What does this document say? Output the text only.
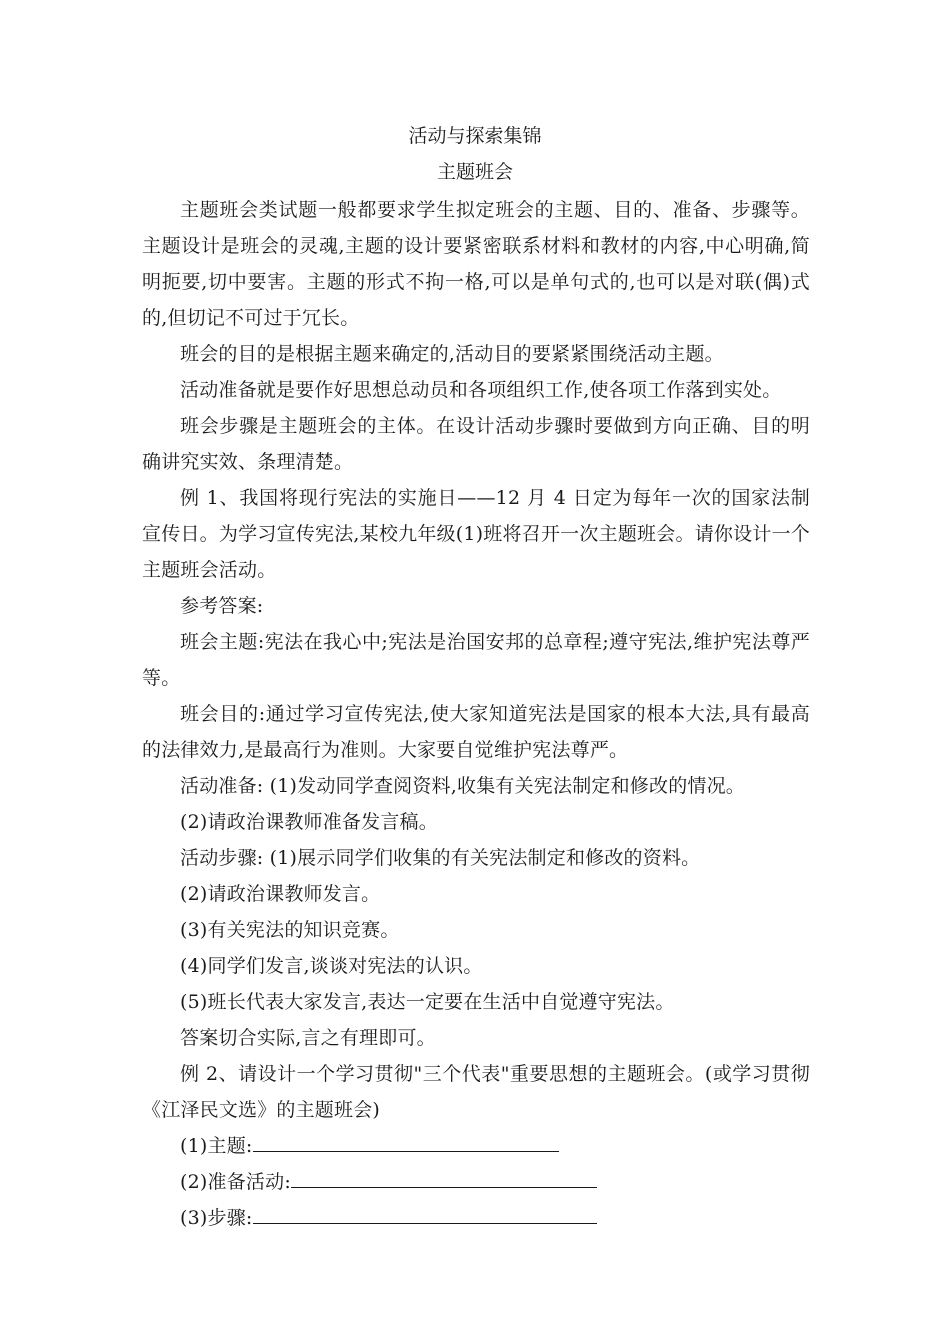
活动与探索集锦
主题班会

主题班会类试题一般都要求学生拟定班会的主题、目的、准备、步骤等。主题设计是班会的灵魂,主题的设计要紧密联系材料和教材的内容,中心明确,简明扼要,切中要害。主题的形式不拘一格,可以是单句式的,也可以是对联(偶)式的,但切记不可过于冗长。

班会的目的是根据主题来确定的,活动目的要紧紧围绕活动主题。

活动准备就是要作好思想总动员和各项组织工作,使各项工作落到实处。

班会步骤是主题班会的主体。在设计活动步骤时要做到方向正确、目的明确讲究实效、条理清楚。

例 1、我国将现行宪法的实施日——12 月 4 日定为每年一次的国家法制宣传日。为学习宣传宪法,某校九年级(1)班将召开一次主题班会。请你设计一个主题班会活动。

参考答案:

班会主题:宪法在我心中;宪法是治国安邦的总章程;遵守宪法,维护宪法尊严等。

班会目的:通过学习宣传宪法,使大家知道宪法是国家的根本大法,具有最高的法律效力,是最高行为准则。大家要自觉维护宪法尊严。

活动准备: (1)发动同学查阅资料,收集有关宪法制定和修改的情况。

(2)请政治课教师准备发言稿。

活动步骤: (1)展示同学们收集的有关宪法制定和修改的资料。

(2)请政治课教师发言。

(3)有关宪法的知识竞赛。

(4)同学们发言,谈谈对宪法的认识。

(5)班长代表大家发言,表达一定要在生活中自觉遵守宪法。

答案切合实际,言之有理即可。

例 2、请设计一个学习贯彻"三个代表"重要思想的主题班会。(或学习贯彻《江泽民文选》的主题班会)

(1)主题:

(2)准备活动:

(3)步骤:
